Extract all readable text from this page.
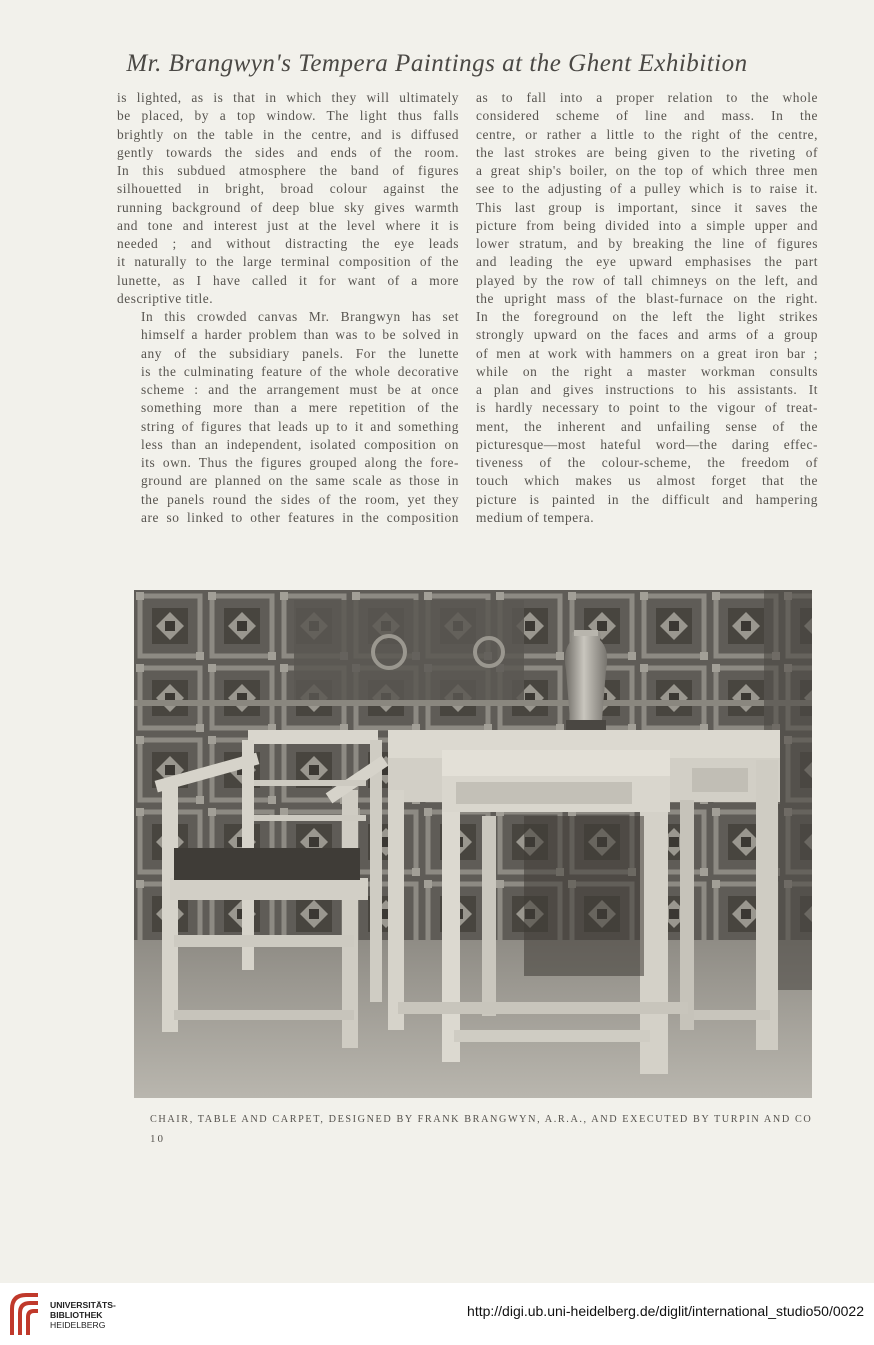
Mr. Brangwyn's Tempera Paintings at the Ghent Exhibition

is lighted, as is that in which they will ultimately
be placed, by a top window. The light thus falls
brightly on the table in the centre, and is diffused
gently towards the sides and ends of the room.
In this subdued atmosphere the band of figures
silhouetted in bright, broad colour against the
running background of deep blue sky gives warmth
and tone and interest just at the level where it is
needed ; and without distracting the eye leads
it naturally to the large terminal composition of the
lunette, as I have called it for want of a more
descriptive title.

In this crowded canvas Mr. Brangwyn has set
himself a harder problem than was to be solved in
any of the subsidiary panels. For the lunette
is the culminating feature of the whole decorative
scheme : and the arrangement must be at once
something more than a mere repetition of the
string of figures that leads up to it and something
less than an independent, isolated composition on
its own. Thus the figures grouped along the fore-
ground are planned on the same scale as those in
the panels round the sides of the room, yet they
are so linked to other features in the composition

as to fall into a proper relation to the whole
considered scheme of line and mass. In the
centre, or rather a little to the right of the centre,
the last strokes are being given to the riveting of
a great ship's boiler, on the top of which three men
see to the adjusting of a pulley which is to raise it.
This last group is important, since it saves the
picture from being divided into a simple upper and
lower stratum, and by breaking the line of figures
and leading the eye upward emphasises the part
played by the row of tall chimneys on the left, and
the upright mass of the blast-furnace on the right.
In the foreground on the left the light strikes
strongly upward on the faces and arms of a group
of men at work with hammers on a great iron bar ;
while on the right a master workman consults
a plan and gives instructions to his assistants. It
is hardly necessary to point to the vigour of treat-
ment, the inherent and unfailing sense of the
picturesque—most hateful word—the daring effec-
tiveness of the colour-scheme, the freedom of
touch which makes us almost forget that the
picture is painted in the difficult and hampering
medium of tempera.

CHAIR, TABLE AND CARPET, DESIGNED BY FRANK BRANGWYN, A.R.A., AND EXECUTED BY TURPIN AND CO
10
UNIVERSITÄTS-
BIBLIOTHEK
HEIDELBERG
http://digi.ub.uni-heidelberg.de/diglit/international_studio50/0022
